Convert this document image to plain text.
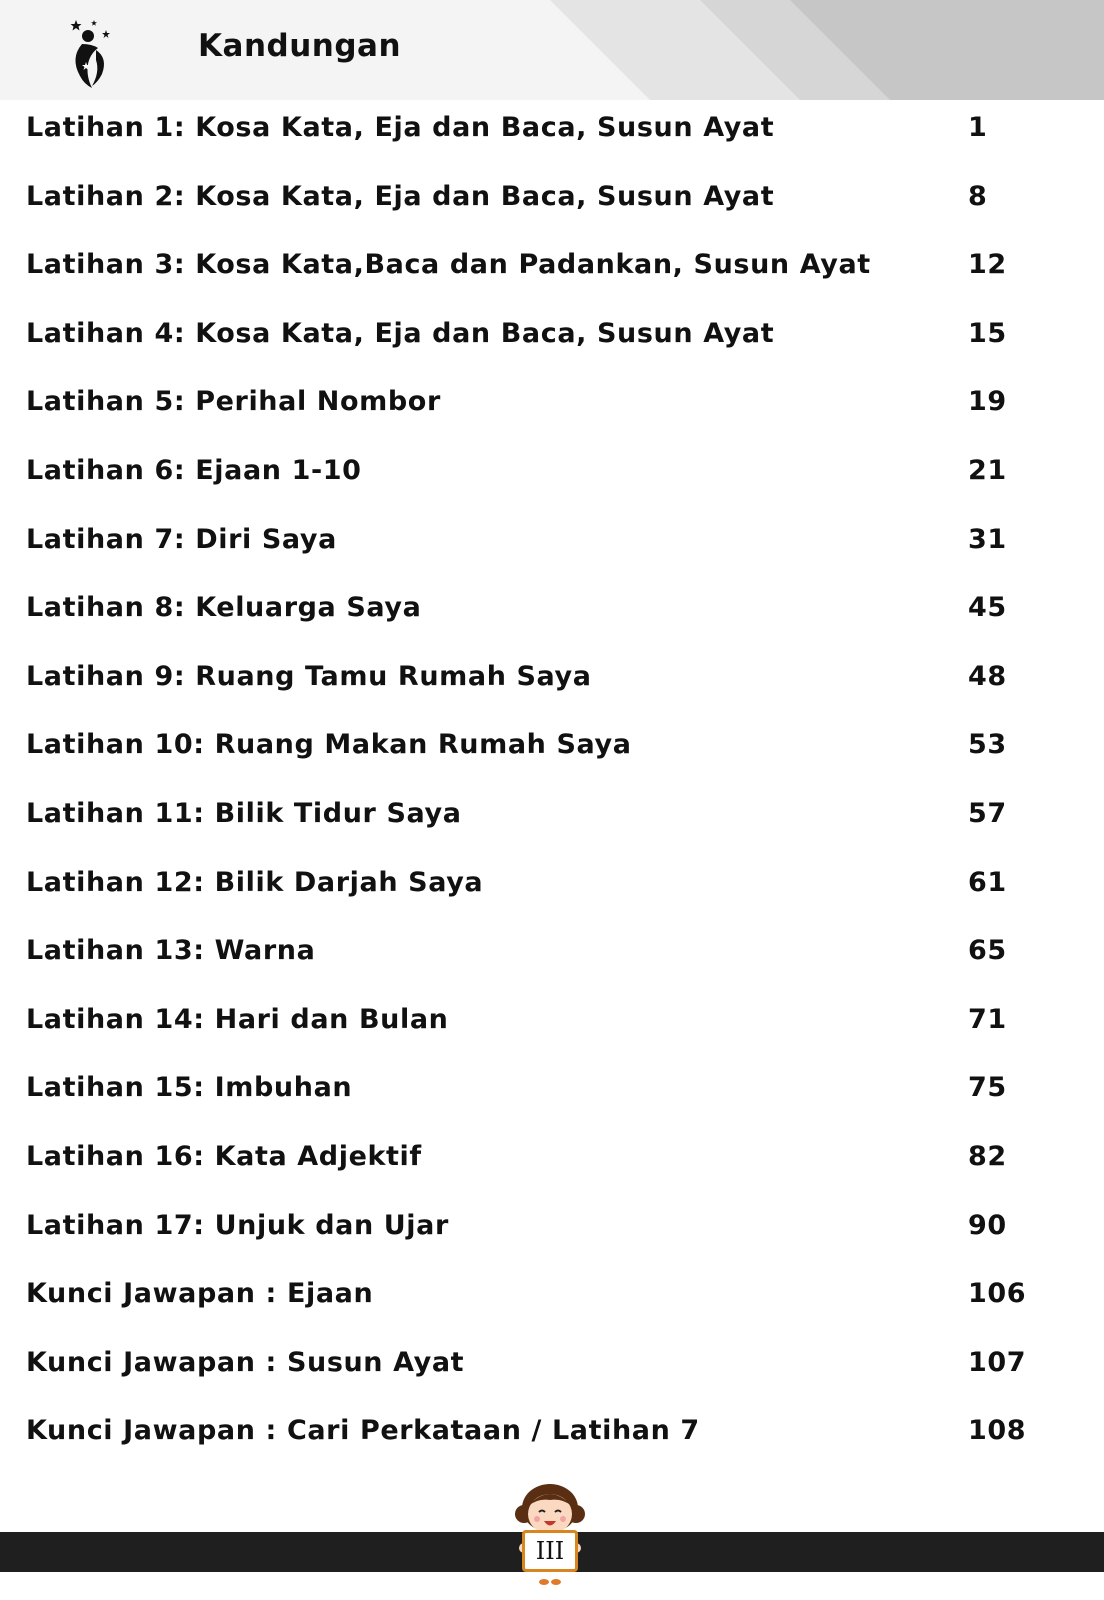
Kandungan
Latihan 1: Kosa Kata, Eja dan Baca, Susun Ayat	1
Latihan 2: Kosa Kata, Eja dan Baca, Susun Ayat	8
Latihan 3: Kosa Kata,Baca dan Padankan, Susun Ayat	12
Latihan 4: Kosa Kata, Eja dan Baca, Susun Ayat	15
Latihan 5: Perihal Nombor	19
Latihan 6: Ejaan 1-10	21
Latihan 7: Diri Saya	31
Latihan 8: Keluarga Saya	45
Latihan 9: Ruang Tamu Rumah Saya	48
Latihan 10: Ruang Makan Rumah Saya	53
Latihan 11: Bilik Tidur Saya	57
Latihan 12: Bilik Darjah Saya	61
Latihan 13: Warna	65
Latihan 14: Hari dan Bulan	71
Latihan 15: Imbuhan	75
Latihan 16: Kata Adjektif	82
Latihan 17: Unjuk dan Ujar	90
Kunci Jawapan : Ejaan	106
Kunci Jawapan : Susun Ayat	107
Kunci Jawapan : Cari Perkataan / Latihan 7	108
III
